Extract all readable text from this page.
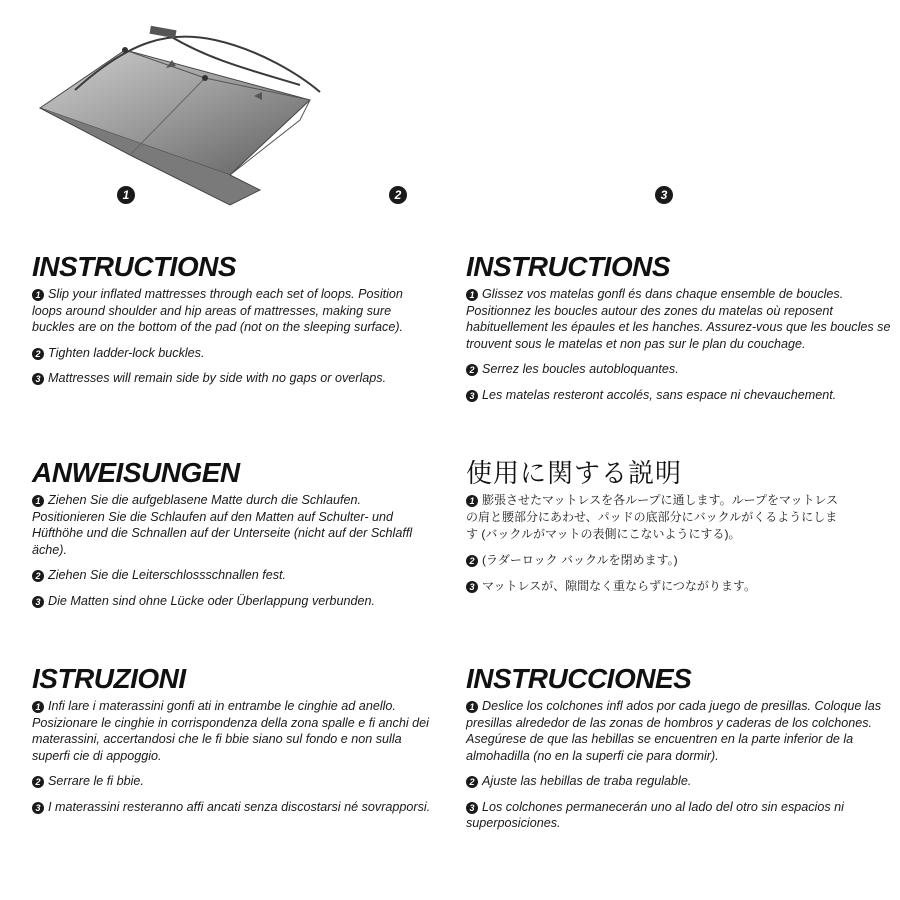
1	2	3
INSTRUCTIONS
1 Slip your inflated mattresses through each set of loops. Position loops around shoulder and hip areas of mattresses, making sure buckles are on the bottom of the pad (not on the sleeping surface).
2 Tighten ladder-lock buckles.
3 Mattresses will remain side by side with no gaps or overlaps.
INSTRUCTIONS
1 Glissez vos matelas gonfl és dans chaque ensemble de boucles. Positionnez les boucles autour des zones du matelas où reposent habituellement les épaules et les hanches. Assurez-vous que les boucles se trouvent sous le matelas et non pas sur le plan du couchage.
2 Serrez les boucles autobloquantes.
3 Les matelas resteront accolés, sans espace ni chevauchement.
ANWEISUNGEN
1 Ziehen Sie die aufgeblasene Matte durch die Schlaufen. Positionieren Sie die Schlaufen auf den Matten auf Schulter- und Hüfthöhe und die Schnallen auf der Unterseite (nicht auf der Schlaffl äche).
2 Ziehen Sie die Leiterschlossschnallen fest.
3 Die Matten sind ohne Lücke oder Überlappung verbunden.
使用に関する説明
1 膨張させたマットレスを各ループに通します。ループをマットレスの肩と腰部分にあわせ、パッドの底部分にバックルがくるようにします (バックルがマットの表側にこないようにする)。
2 (ラダーロック バックルを閉めます。)
3 マットレスが、隙間なく重ならずにつながります。
ISTRUZIONI
1 Infi lare i materassini gonfi ati in entrambe le cinghie ad anello. Posizionare le cinghie in corrispondenza della zona spalle e fi anchi dei materassini, accertandosi che le fi bbie siano sul fondo e non sulla superfi cie di appoggio.
2 Serrare le fi bbie.
3 I materassini resteranno affi ancati senza discostarsi né sovrapporsi.
INSTRUCCIONES
1 Deslice los colchones infl ados por cada juego de presillas. Coloque las presillas alrededor de las zonas de hombros y caderas de los colchones. Asegúrese de que las hebillas se encuentren en la parte inferior de la almohadilla (no en la superfi cie para dormir).
2 Ajuste las hebillas de traba regulable.
3 Los colchones permanecerán uno al lado del otro sin espacios ni superposiciones.
